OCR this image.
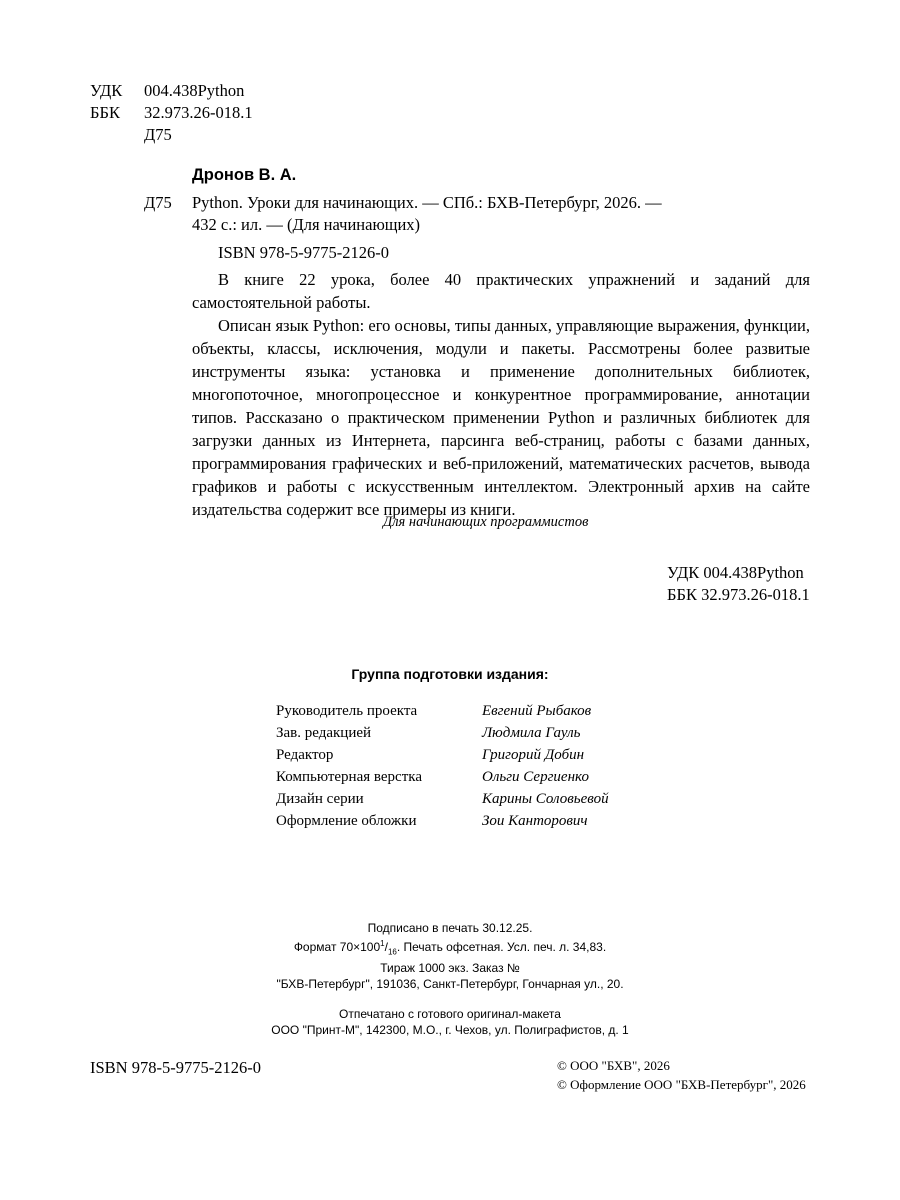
УДК	004.438Python
ББК	32.973.26-018.1
Д75
Дронов В. А.
Д75 Python. Уроки для начинающих. — СПб.: БХВ-Петербург, 2026. —
432 с.: ил. — (Для начинающих)
ISBN 978-5-9775-2126-0

В книге 22 урока, более 40 практических упражнений и заданий для самостоятельной работы.

Описан язык Python: его основы, типы данных, управляющие выражения, функции, объекты, классы, исключения, модули и пакеты. Рассмотрены более развитые инструменты языка: установка и применение дополнительных библиотек, многопоточное, многопроцессное и конкурентное программирование, аннотации типов. Рассказано о практическом применении Python и различных библиотек для загрузки данных из Интернета, парсинга веб-страниц, работы с базами данных, программирования графических и веб-приложений, математических расчетов, вывода графиков и работы с искусственным интеллектом. Электронный архив на сайте издательства содержит все примеры из книги.

Для начинающих программистов
УДК 004.438Python
ББК 32.973.26-018.1
Группа подготовки издания:
Руководитель проекта	Евгений Рыбаков
Зав. редакцией	Людмила Гауль
Редактор	Григорий Добин
Компьютерная верстка	Ольги Сергиенко
Дизайн серии	Карины Соловьевой
Оформление обложки	Зои Канторович
Подписано в печать 30.12.25.
Формат $70\times 100^1/_{16}$. Печать офсетная. Усл. печ. л. 34,83.
Тираж 1000 экз. Заказ №
"БХВ-Петербург", 191036, Санкт-Петербург, Гончарная ул., 20.
Отпечатано с готового оригинал-макета
ООО "Принт-М", 142300, М.О., г. Чехов, ул. Полиграфистов, д. 1
ISBN 978-5-9775-2126-0	© ООО "БХВ", 2026
© Оформление ООО "БХВ-Петербург", 2026
